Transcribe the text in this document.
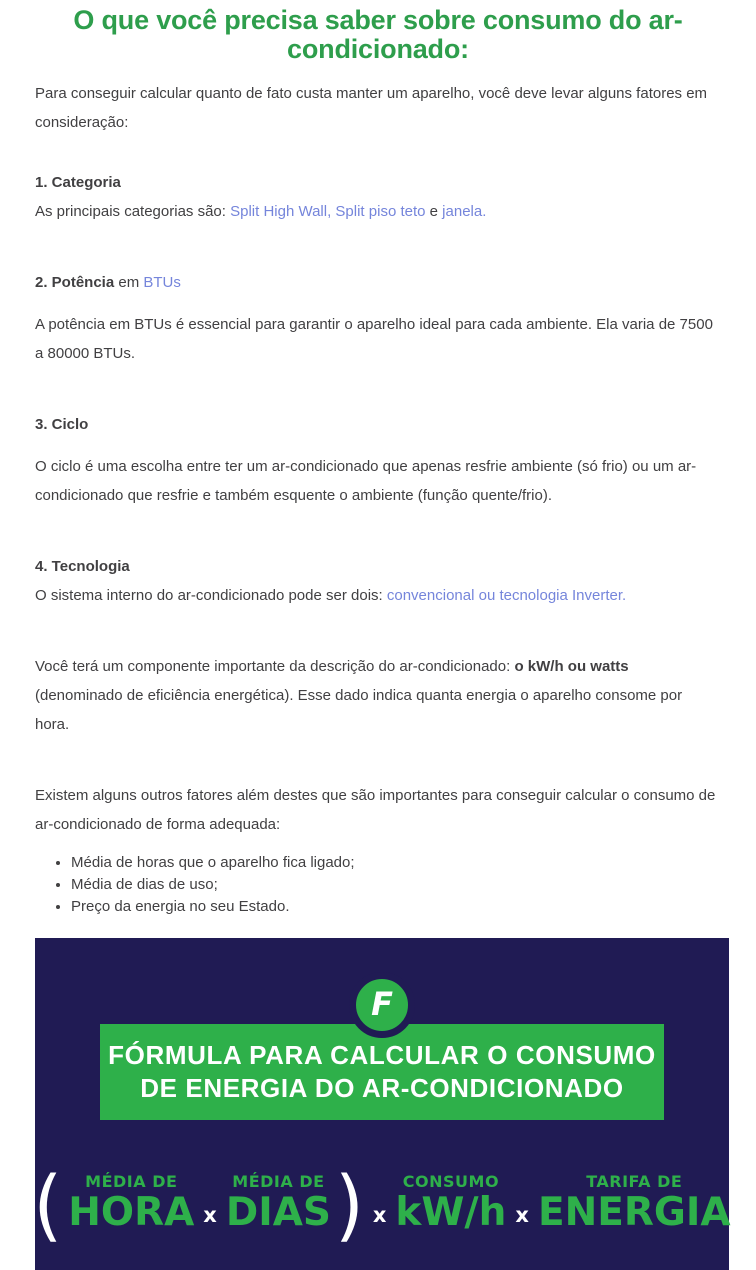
O que você precisa saber sobre consumo do ar-condicionado:

Para conseguir calcular quanto de fato custa manter um aparelho, você deve levar alguns fatores em consideração:

1. Categoria
As principais categorias são: Split High Wall, Split piso teto e janela.

2. Potência em BTUs

A potência em BTUs é essencial para garantir o aparelho ideal para cada ambiente. Ela varia de 7500 a 80000 BTUs.

3. Ciclo

O ciclo é uma escolha entre ter um ar-condicionado que apenas resfrie ambiente (só frio) ou um ar-condicionado que resfrie e também esquente o ambiente (função quente/frio).

4. Tecnologia
O sistema interno do ar-condicionado pode ser dois: convencional ou tecnologia Inverter.

Você terá um componente importante da descrição do ar-condicionado: o kW/h ou watts (denominado de eficiência energética). Esse dado indica quanta energia o aparelho consome por hora.

Existem alguns outros fatores além destes que são importantes para conseguir calcular o consumo de ar-condicionado de forma adequada:

• Média de horas que o aparelho fica ligado;
• Média de dias de uso;
• Preço da energia no seu Estado.
F
FÓRMULA PARA CALCULAR O CONSUMO
DE ENERGIA DO AR-CONDICIONADO
( MÉDIA DE
HORA x
MÉDIA DE
DIAS ) x
CONSUMO
kW/h x
TARIFA DE
ENERGIA
